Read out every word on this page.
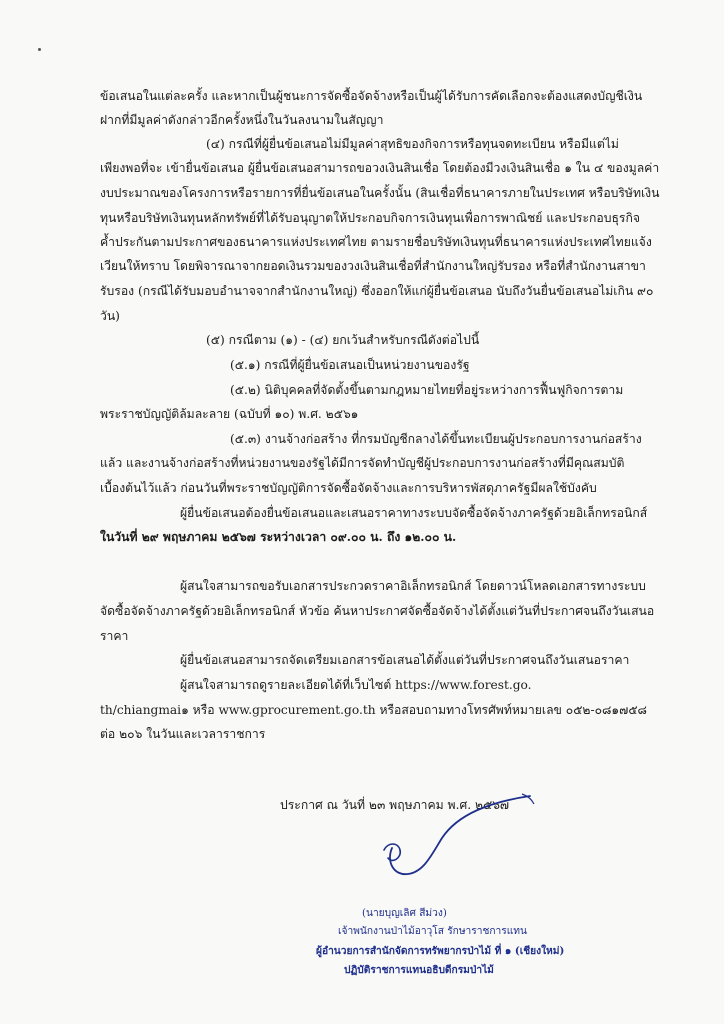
ข้อเสนอในแต่ละครั้ง และหากเป็นผู้ชนะการจัดซื้อจัดจ้างหรือเป็นผู้ได้รับการคัดเลือกจะต้องแสดงบัญชีเงิน
ฝากที่มีมูลค่าดังกล่าวอีกครั้งหนึ่งในวันลงนามในสัญญา
(๔) กรณีที่ผู้ยื่นข้อเสนอไม่มีมูลค่าสุทธิของกิจการหรือทุนจดทะเบียน หรือมีแต่ไม่
เพียงพอที่จะ เข้ายื่นข้อเสนอ ผู้ยื่นข้อเสนอสามารถขอวงเงินสินเชื่อ โดยต้องมีวงเงินสินเชื่อ ๑ ใน ๔ ของมูลค่า
งบประมาณของโครงการหรือรายการที่ยื่นข้อเสนอในครั้งนั้น (สินเชื่อที่ธนาคารภายในประเทศ หรือบริษัทเงิน
ทุนหรือบริษัทเงินทุนหลักทรัพย์ที่ได้รับอนุญาตให้ประกอบกิจการเงินทุนเพื่อการพาณิชย์ และประกอบธุรกิจ
ค้ำประกันตามประกาศของธนาคารแห่งประเทศไทย ตามรายชื่อบริษัทเงินทุนที่ธนาคารแห่งประเทศไทยแจ้ง
เวียนให้ทราบ โดยพิจารณาจากยอดเงินรวมของวงเงินสินเชื่อที่สำนักงานใหญ่รับรอง หรือที่สำนักงานสาขา
รับรอง (กรณีได้รับมอบอำนาจจากสำนักงานใหญ่) ซึ่งออกให้แก่ผู้ยื่นข้อเสนอ นับถึงวันยื่นข้อเสนอไม่เกิน ๙๐
วัน)
(๕) กรณีตาม (๑) - (๔) ยกเว้นสำหรับกรณีดังต่อไปนี้
(๕.๑) กรณีที่ผู้ยื่นข้อเสนอเป็นหน่วยงานของรัฐ
(๕.๒) นิติบุคคลที่จัดตั้งขึ้นตามกฎหมายไทยที่อยู่ระหว่างการฟื้นฟูกิจการตาม
พระราชบัญญัติล้มละลาย (ฉบับที่ ๑๐) พ.ศ. ๒๕๖๑
(๕.๓) งานจ้างก่อสร้าง ที่กรมบัญชีกลางได้ขึ้นทะเบียนผู้ประกอบการงานก่อสร้าง
แล้ว และงานจ้างก่อสร้างที่หน่วยงานของรัฐได้มีการจัดทำบัญชีผู้ประกอบการงานก่อสร้างที่มีคุณสมบัติ
เบื้องต้นไว้แล้ว ก่อนวันที่พระราชบัญญัติการจัดซื้อจัดจ้างและการบริหารพัสดุภาครัฐมีผลใช้บังคับ
ผู้ยื่นข้อเสนอต้องยื่นข้อเสนอและเสนอราคาทางระบบจัดซื้อจัดจ้างภาครัฐด้วยอิเล็กทรอนิกส์
ในวันที่ ๒๙ พฤษภาคม ๒๕๖๗ ระหว่างเวลา ๐๙.๐๐ น. ถึง ๑๒.๐๐ น.
ผู้สนใจสามารถขอรับเอกสารประกวดราคาอิเล็กทรอนิกส์ โดยดาวน์โหลดเอกสารทางระบบ
จัดซื้อจัดจ้างภาครัฐด้วยอิเล็กทรอนิกส์ หัวข้อ ค้นหาประกาศจัดซื้อจัดจ้างได้ตั้งแต่วันที่ประกาศจนถึงวันเสนอ
ราคา
ผู้ยื่นข้อเสนอสามารถจัดเตรียมเอกสารข้อเสนอได้ตั้งแต่วันที่ประกาศจนถึงวันเสนอราคา
ผู้สนใจสามารถดูรายละเอียดได้ที่เว็บไซต์ https://www.forest.go.
th/chiangmai๑ หรือ www.gprocurement.go.th หรือสอบถามทางโทรศัพท์หมายเลข ๐๕๒-๐๘๑๗๕๘
ต่อ ๒๐๖ ในวันและเวลาราชการ
ประกาศ ณ วันที่ ๒๓ พฤษภาคม พ.ศ. ๒๕๖๗
(นายบุญเลิศ สีม่วง)
เจ้าพนักงานป่าไม้อาวุโส รักษาราชการแทน
ผู้อำนวยการสำนักจัดการทรัพยากรป่าไม้ ที่ ๑ (เชียงใหม่)
ปฏิบัติราชการแทนอธิบดีกรมป่าไม้
